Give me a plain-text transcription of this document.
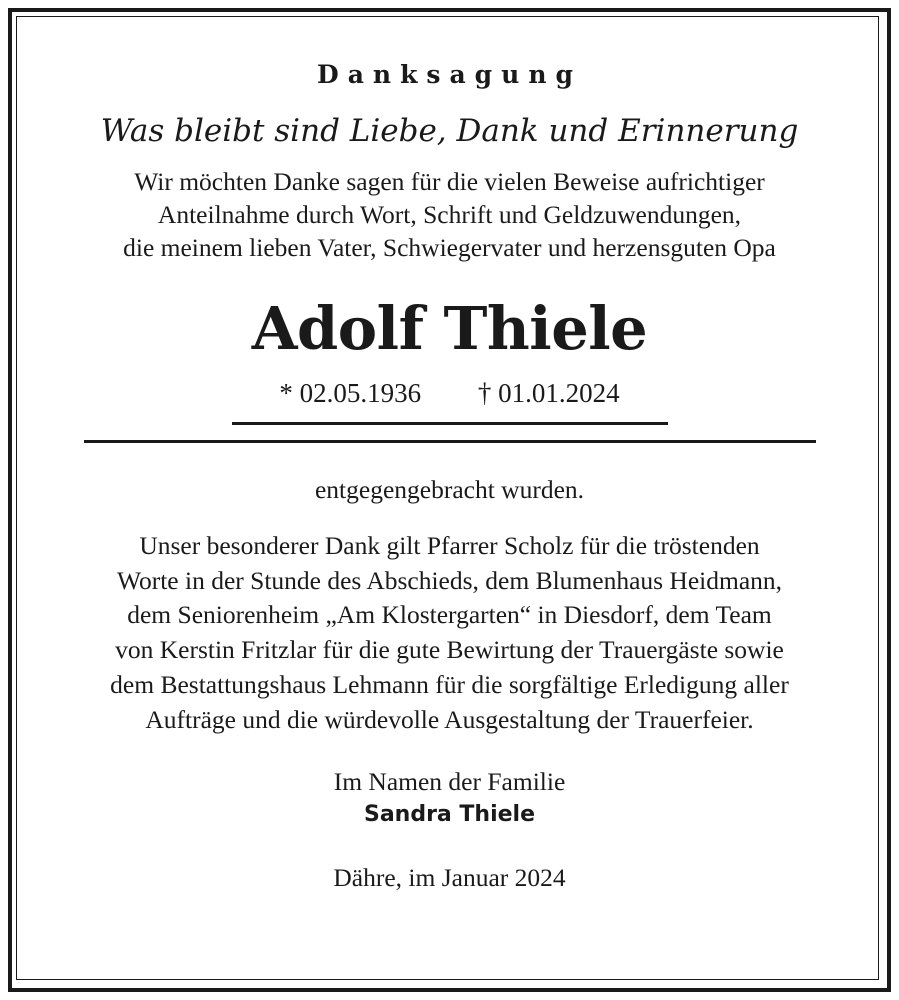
Danksagung
Was bleibt sind Liebe, Dank und Erinnerung
Wir möchten Danke sagen für die vielen Beweise aufrichtiger
Anteilnahme durch Wort, Schrift und Geldzuwendungen,
die meinem lieben Vater, Schwiegervater und herzensguten Opa
Adolf Thiele
* 02.05.1936 † 01.01.2024
entgegengebracht wurden.
Unser besonderer Dank gilt Pfarrer Scholz für die tröstenden
Worte in der Stunde des Abschieds, dem Blumenhaus Heidmann,
dem Seniorenheim „Am Klostergarten“ in Diesdorf, dem Team
von Kerstin Fritzlar für die gute Bewirtung der Trauergäste sowie
dem Bestattungshaus Lehmann für die sorgfältige Erledigung aller
Aufträge und die würdevolle Ausgestaltung der Trauerfeier.
Im Namen der Familie
Sandra Thiele
Dähre, im Januar 2024
